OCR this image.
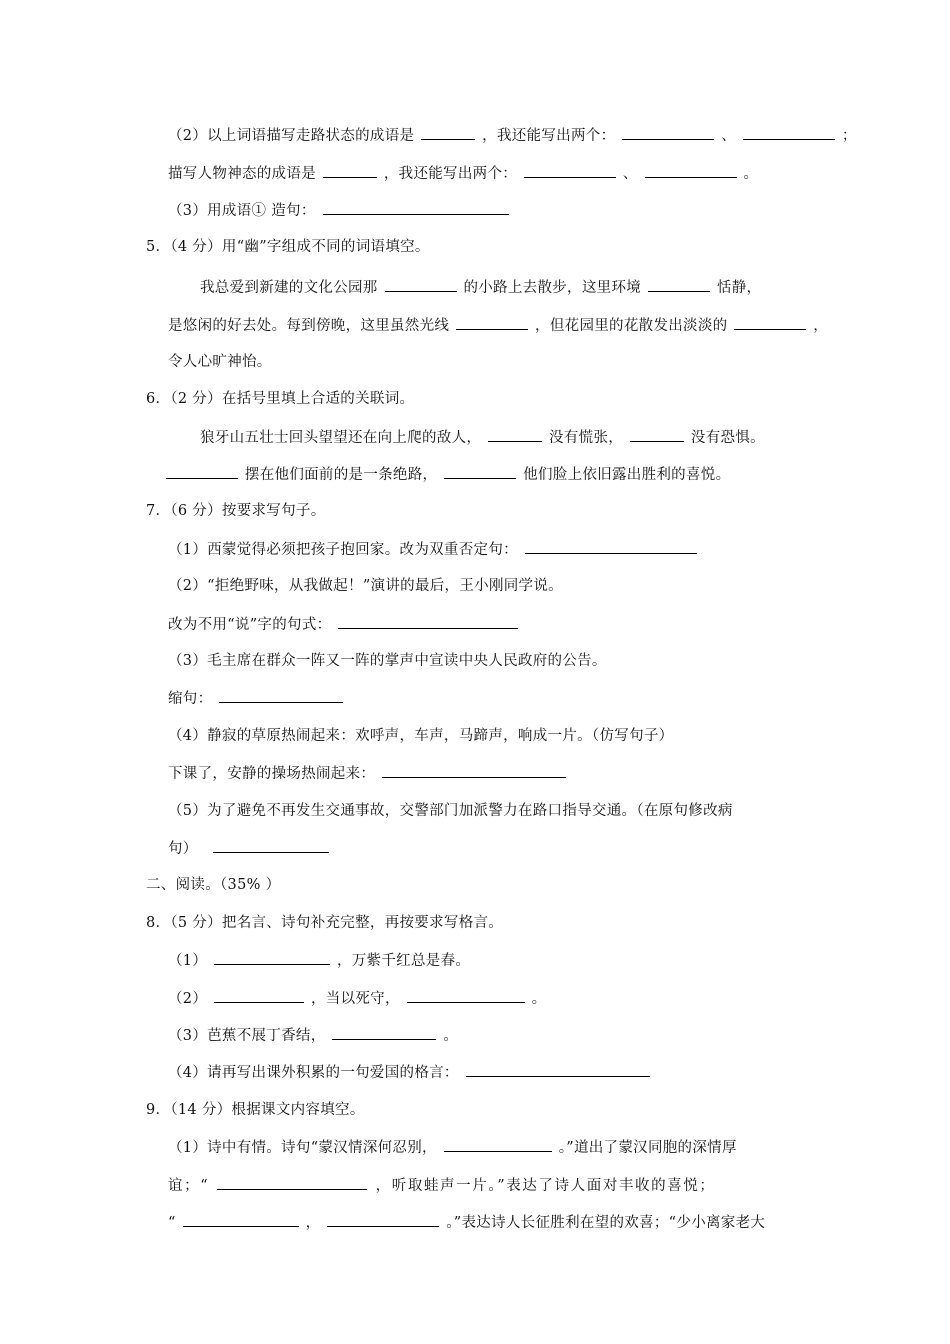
（2）以上词语描写走路状态的成语是	，我还能写出两个：	、	；
描写人物神态的成语是	，我还能写出两个：	、	。
（3）用成语① 造句：
5．（4 分）用“幽”字组成不同的词语填空。
我总爱到新建的文化公园那	的小路上去散步，这里环境	恬静，
是悠闲的好去处。每到傍晚，这里虽然光线	，但花园里的花散发出淡淡的	，
令人心旷神怡。
6．（2 分）在括号里填上合适的关联词。
狼牙山五壮士回头望望还在向上爬的敌人，	没有慌张，	没有恐惧。
摆在他们面前的是一条绝路，	他们脸上依旧露出胜利的喜悦。
7．（6 分）按要求写句子。
（1）西蒙觉得必须把孩子抱回家。改为双重否定句：
（2）“拒绝野味，从我做起！”演讲的最后，王小刚同学说。
改为不用“说”字的句式：
（3）毛主席在群众一阵又一阵的掌声中宣读中央人民政府的公告。
缩句：
（4）静寂的草原热闹起来：欢呼声，车声，马蹄声，响成一片。（仿写句子）
下课了，安静的操场热闹起来：
（5）为了避免不再发生交通事故，交警部门加派警力在路口指导交通。（在原句修改病
句）
二、阅读。（35% ）
8．（5 分）把名言、诗句补充完整，再按要求写格言。
（1）	，万紫千红总是春。
（2）	，当以死守，	。
（3）芭蕉不展丁香结，	。
（4）请再写出课外积累的一句爱国的格言：
9．（14 分）根据课文内容填空。
（1）诗中有情。诗句“蒙汉情深何忍别，	。”道出了蒙汉同胞的深情厚
谊；“	，听取蛙声一片。”表达了诗人面对丰收的喜悦；
“	，	。”表达诗人长征胜利在望的欢喜；“少小离家老大
